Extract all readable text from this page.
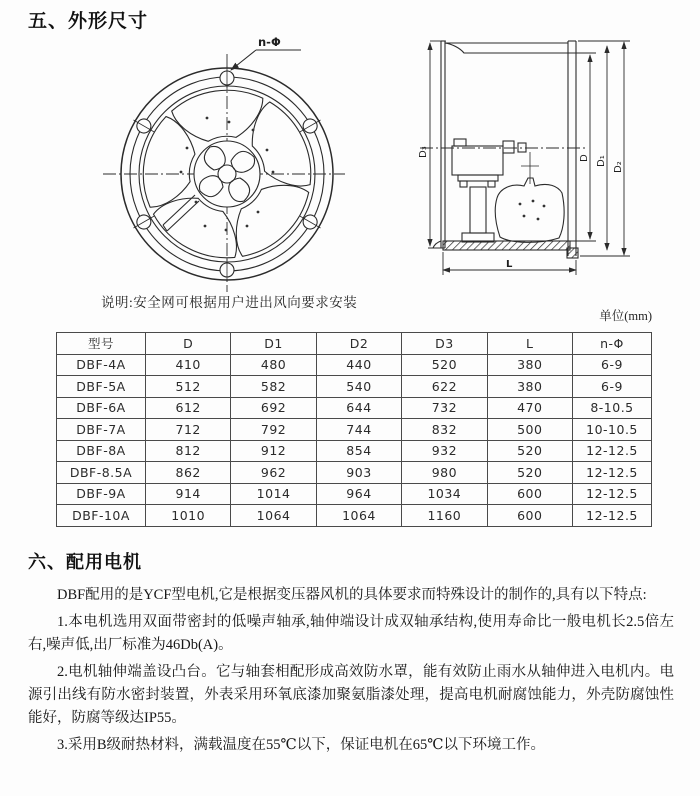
五、外形尺寸
n-Φ
D₃
D D₁
D₂
L
说明:安全网可根据用户进出风向要求安装
单位(mm)
型号	D	D1	D2	D3	L	n-Φ
DBF-4A	410	480	440	520	380	6-9
DBF-5A	512	582	540	622	380	6-9
DBF-6A	612	692	644	732	470	8-10.5
DBF-7A	712	792	744	832	500	10-10.5
DBF-8A	812	912	854	932	520	12-12.5
DBF-8.5A	862	962	903	980	520	12-12.5
DBF-9A	914	1014	964	1034	600	12-12.5
DBF-10A	1010	1064	1064	1160	600	12-12.5
六、配用电机

DBF配用的是YCF型电机,它是根据变压器风机的具体要求而特殊设计的制作的,具有以下特点:

1.本电机选用双面带密封的低噪声轴承,轴伸端设计成双轴承结构,使用寿命比一般电机长2.5倍左右,噪声低,出厂标准为46Db(A)。

2.电机轴伸端盖设凸台。它与轴套相配形成高效防水罩，能有效防止雨水从轴伸进入电机内。电源引出线有防水密封装置，外表采用环氧底漆加聚氨脂漆处理，提高电机耐腐蚀能力，外壳防腐蚀性能好，防腐等级达IP55。

3.采用B级耐热材料，满载温度在55℃以下，保证电机在65℃以下环境工作。
